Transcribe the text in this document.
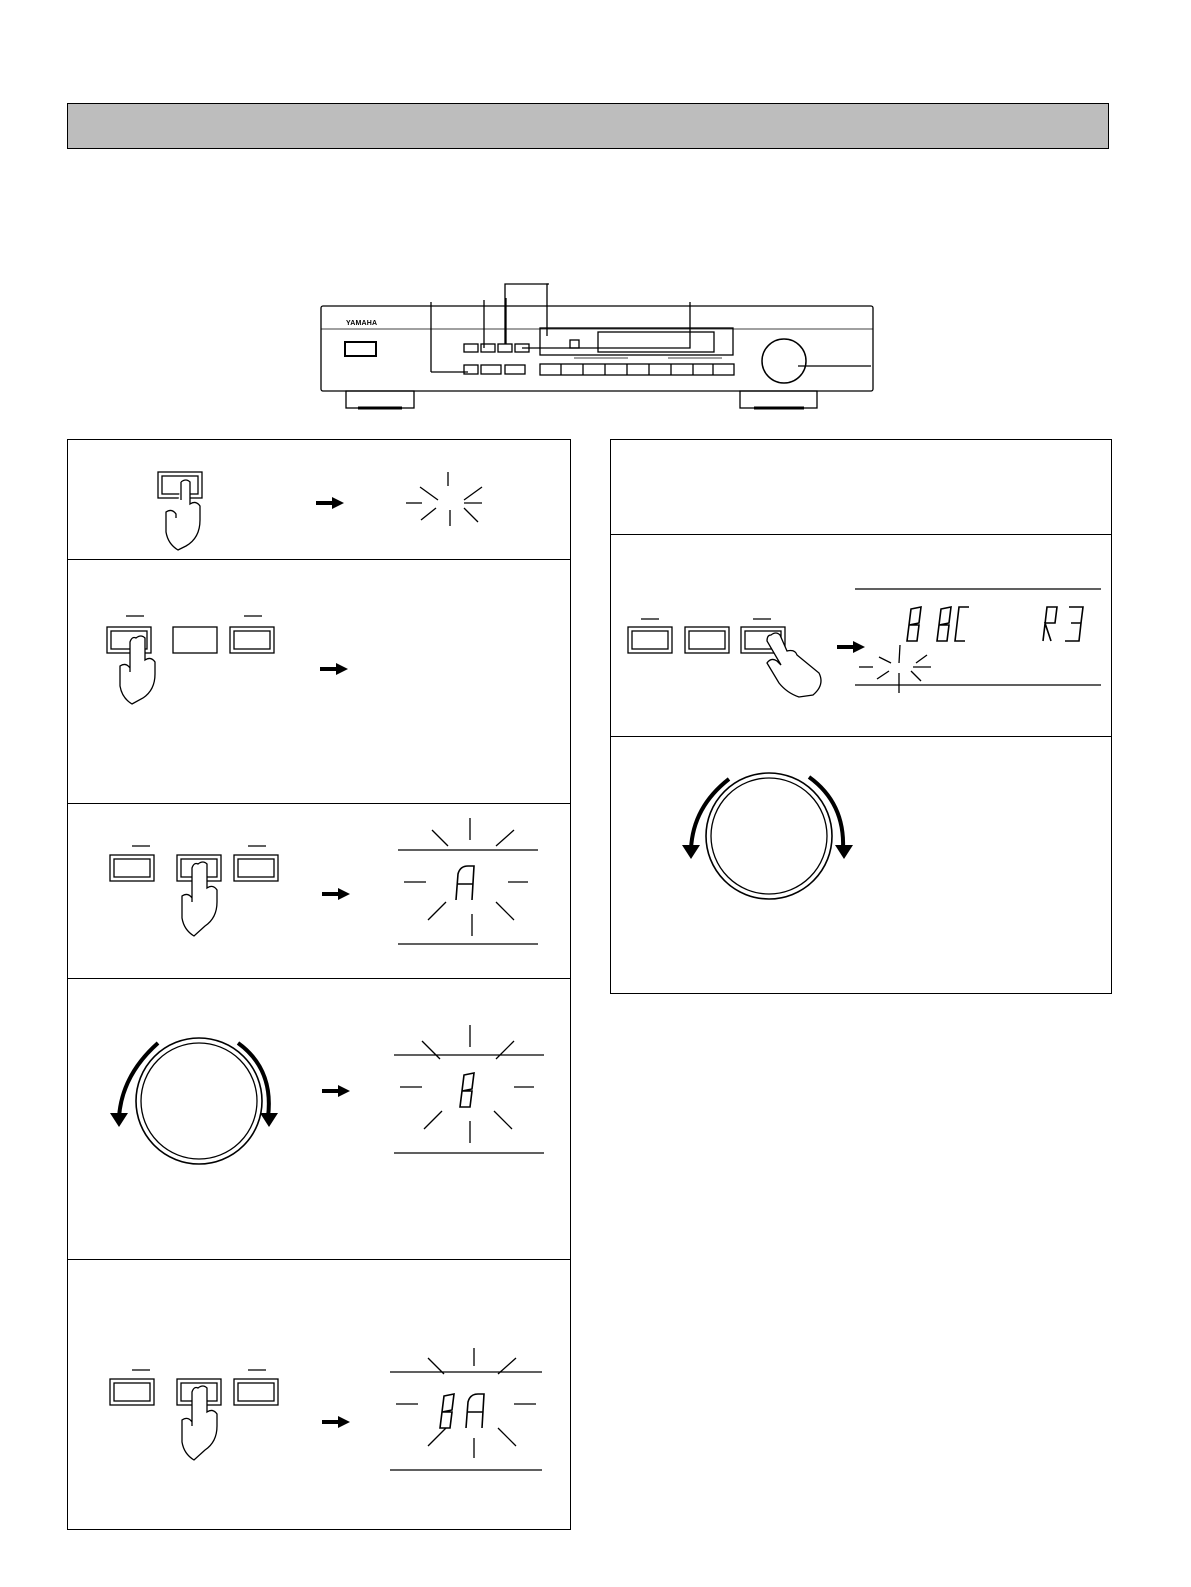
YAMAHA
